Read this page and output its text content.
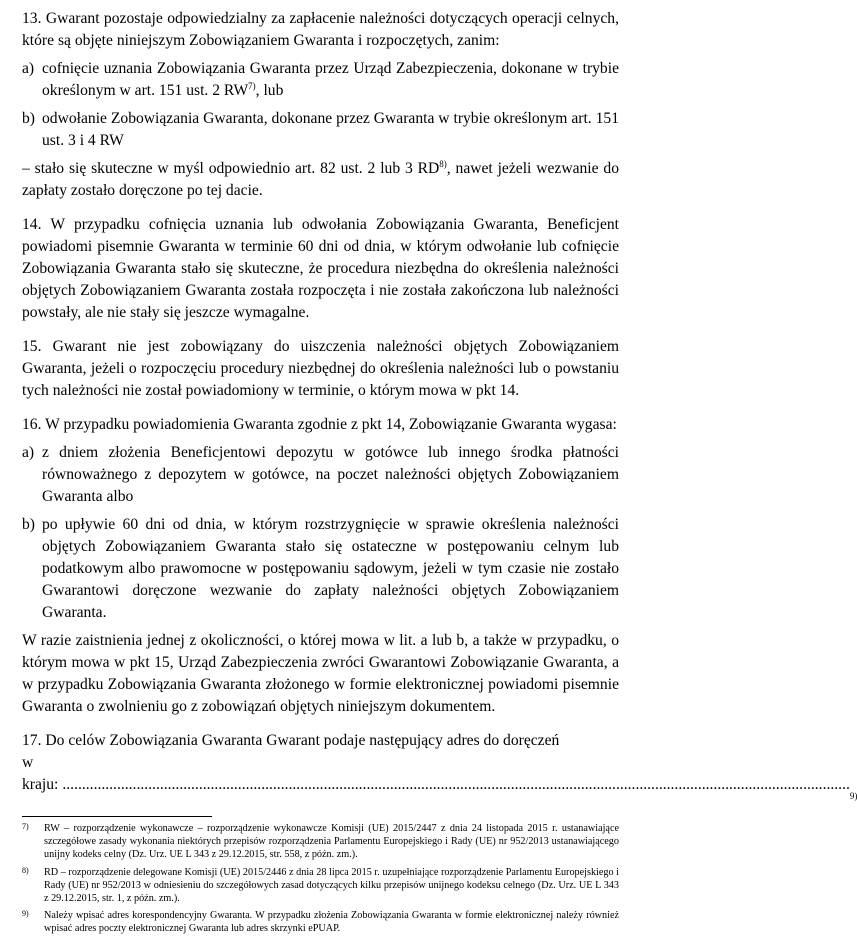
13. Gwarant pozostaje odpowiedzialny za zapłacenie należności dotyczących operacji celnych, które są objęte niniejszym Zobowiązaniem Gwaranta i rozpoczętych, zanim:

a) cofnięcie uznania Zobowiązania Gwaranta przez Urząd Zabezpieczenia, dokonane w trybie określonym w art. 151 ust. 2 RW$^{7)}$, lub
b) odwołanie Zobowiązania Gwaranta, dokonane przez Gwaranta w trybie określonym art. 151 ust. 3 i 4 RW

– stało się skuteczne w myśl odpowiednio art. 82 ust. 2 lub 3 RD$^{8)}$, nawet jeżeli wezwanie do zapłaty zostało doręczone po tej dacie.

14. W przypadku cofnięcia uznania lub odwołania Zobowiązania Gwaranta, Beneficjent powiadomi pisemnie Gwaranta w terminie 60 dni od dnia, w którym odwołanie lub cofnięcie Zobowiązania Gwaranta stało się skuteczne, że procedura niezbędna do określenia należności objętych Zobowiązaniem Gwaranta została rozpoczęta i nie została zakończona lub należności powstały, ale nie stały się jeszcze wymagalne.

15. Gwarant nie jest zobowiązany do uiszczenia należności objętych Zobowiązaniem Gwaranta, jeżeli o rozpoczęciu procedury niezbędnej do określenia należności lub o powstaniu tych należności nie został powiadomiony w terminie, o którym mowa w pkt 14.

16. W przypadku powiadomienia Gwaranta zgodnie z pkt 14, Zobowiązanie Gwaranta wygasa:

a) z dniem złożenia Beneficjentowi depozytu w gotówce lub innego środka płatności równoważnego z depozytem w gotówce, na poczet należności objętych Zobowiązaniem Gwaranta albo
b) po upływie 60 dni od dnia, w którym rozstrzygnięcie w sprawie określenia należności objętych Zobowiązaniem Gwaranta stało się ostateczne w postępowaniu celnym lub podatkowym albo prawomocne w postępowaniu sądowym, jeżeli w tym czasie nie zostało Gwarantowi doręczone wezwanie do zapłaty należności objętych Zobowiązaniem Gwaranta.

W razie zaistnienia jednej z okoliczności, o której mowa w lit. a lub b, a także w przypadku, o którym mowa w pkt 15, Urząd Zabezpieczenia zwróci Gwarantowi Zobowiązanie Gwaranta, a w przypadku Zobowiązania Gwaranta złożonego w formie elektronicznej powiadomi pisemnie Gwaranta o zwolnieniu go z zobowiązań objętych niniejszym dokumentem.

17. Do celów Zobowiązania Gwaranta Gwarant podaje następujący adres do doręczeń

w kraju: ..........................................................................................................................................................................................................
9)
7)	RW – rozporządzenie wykonawcze – rozporządzenie wykonawcze Komisji (UE) 2015/2447 z dnia 24 listopada 2015 r. ustanawiające szczegółowe zasady wykonania niektórych przepisów rozporządzenia Parlamentu Europejskiego i Rady (UE) nr 952/2013 ustanawiającego unijny kodeks celny (Dz. Urz. UE L 343 z 29.12.2015, str. 558, z późn. zm.).
8)	RD – rozporządzenie delegowane Komisji (UE) 2015/2446 z dnia 28 lipca 2015 r. uzupełniające rozporządzenie Parlamentu Europejskiego i Rady (UE) nr 952/2013 w odniesieniu do szczegółowych zasad dotyczących kilku przepisów unijnego kodeksu celnego (Dz. Urz. UE L 343 z 29.12.2015, str. 1, z późn. zm.).
9)	Należy wpisać adres korespondencyjny Gwaranta. W przypadku złożenia Zobowiązania Gwaranta w formie elektronicznej należy również wpisać adres poczty elektronicznej Gwaranta lub adres skrzynki ePUAP.
